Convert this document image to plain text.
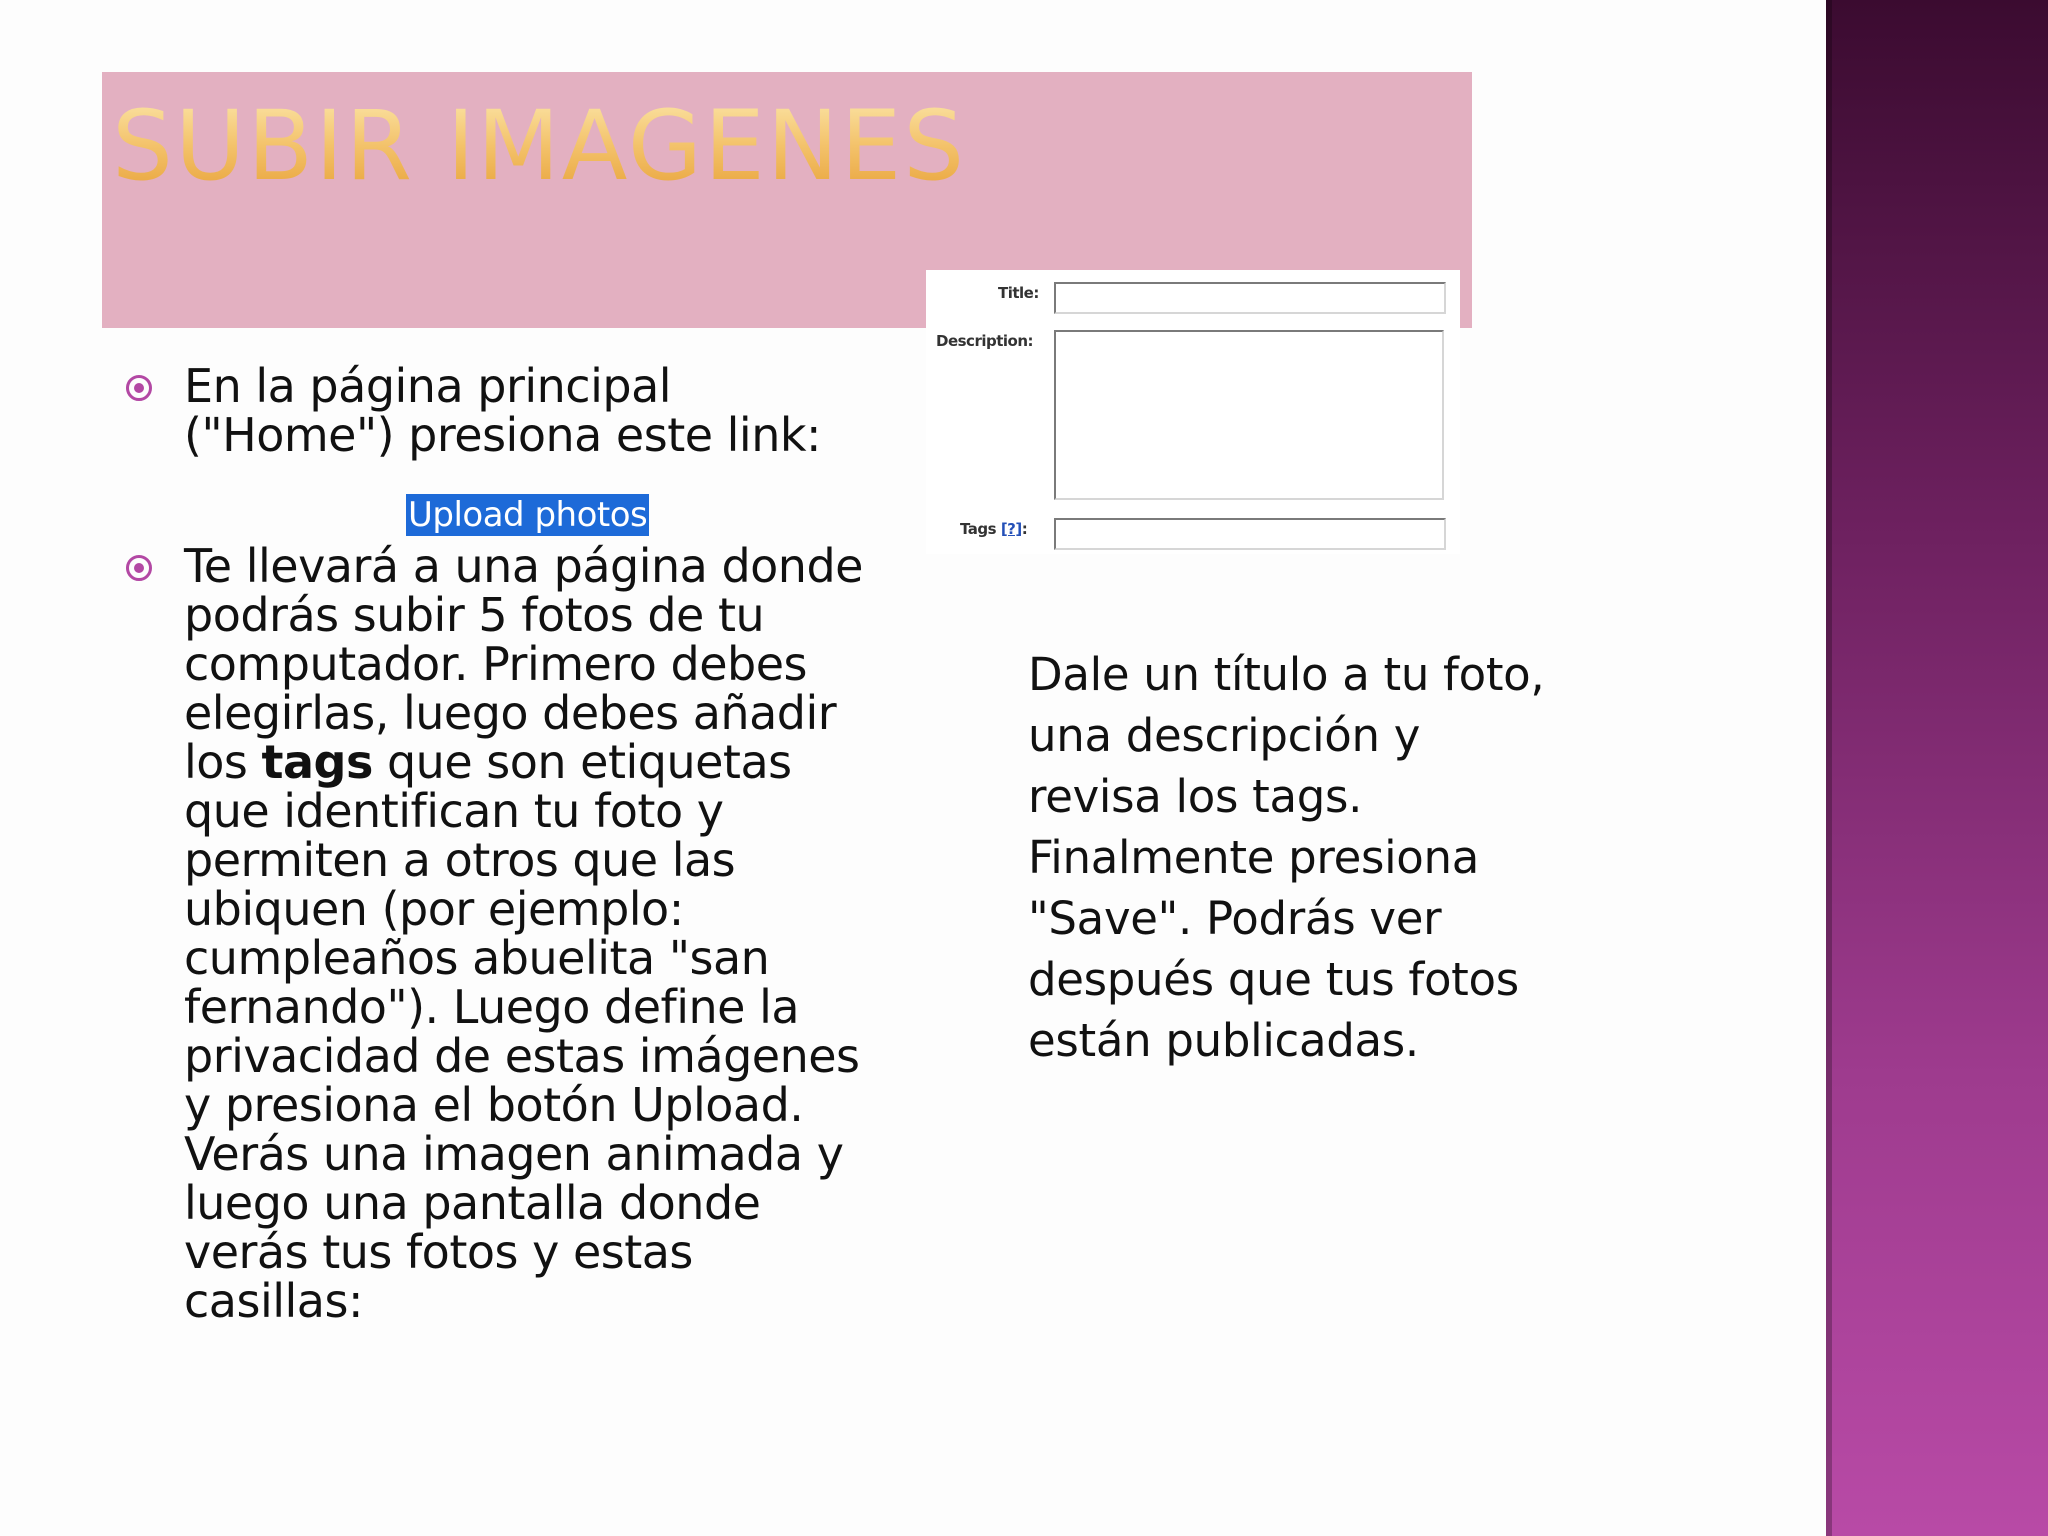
SUBIR IMAGENES
En la página principal ("Home") presiona este link:
Te llevará a una página donde podrás subir 5 fotos de tu computador. Primero debes elegirlas, luego debes añadir los tags que son etiquetas que identifican tu foto y permiten a otros que las ubiquen (por ejemplo: cumpleaños abuelita "san fernando"). Luego define la privacidad de estas imágenes y presiona el botón Upload. Verás una imagen animada y luego una pantalla donde verás tus fotos y estas casillas:
Upload photos
Title:
Description:
Tags [?]:
Dale un título a tu foto, una descripción y revisa los tags. Finalmente presiona "Save". Podrás ver después que tus fotos están publicadas.
